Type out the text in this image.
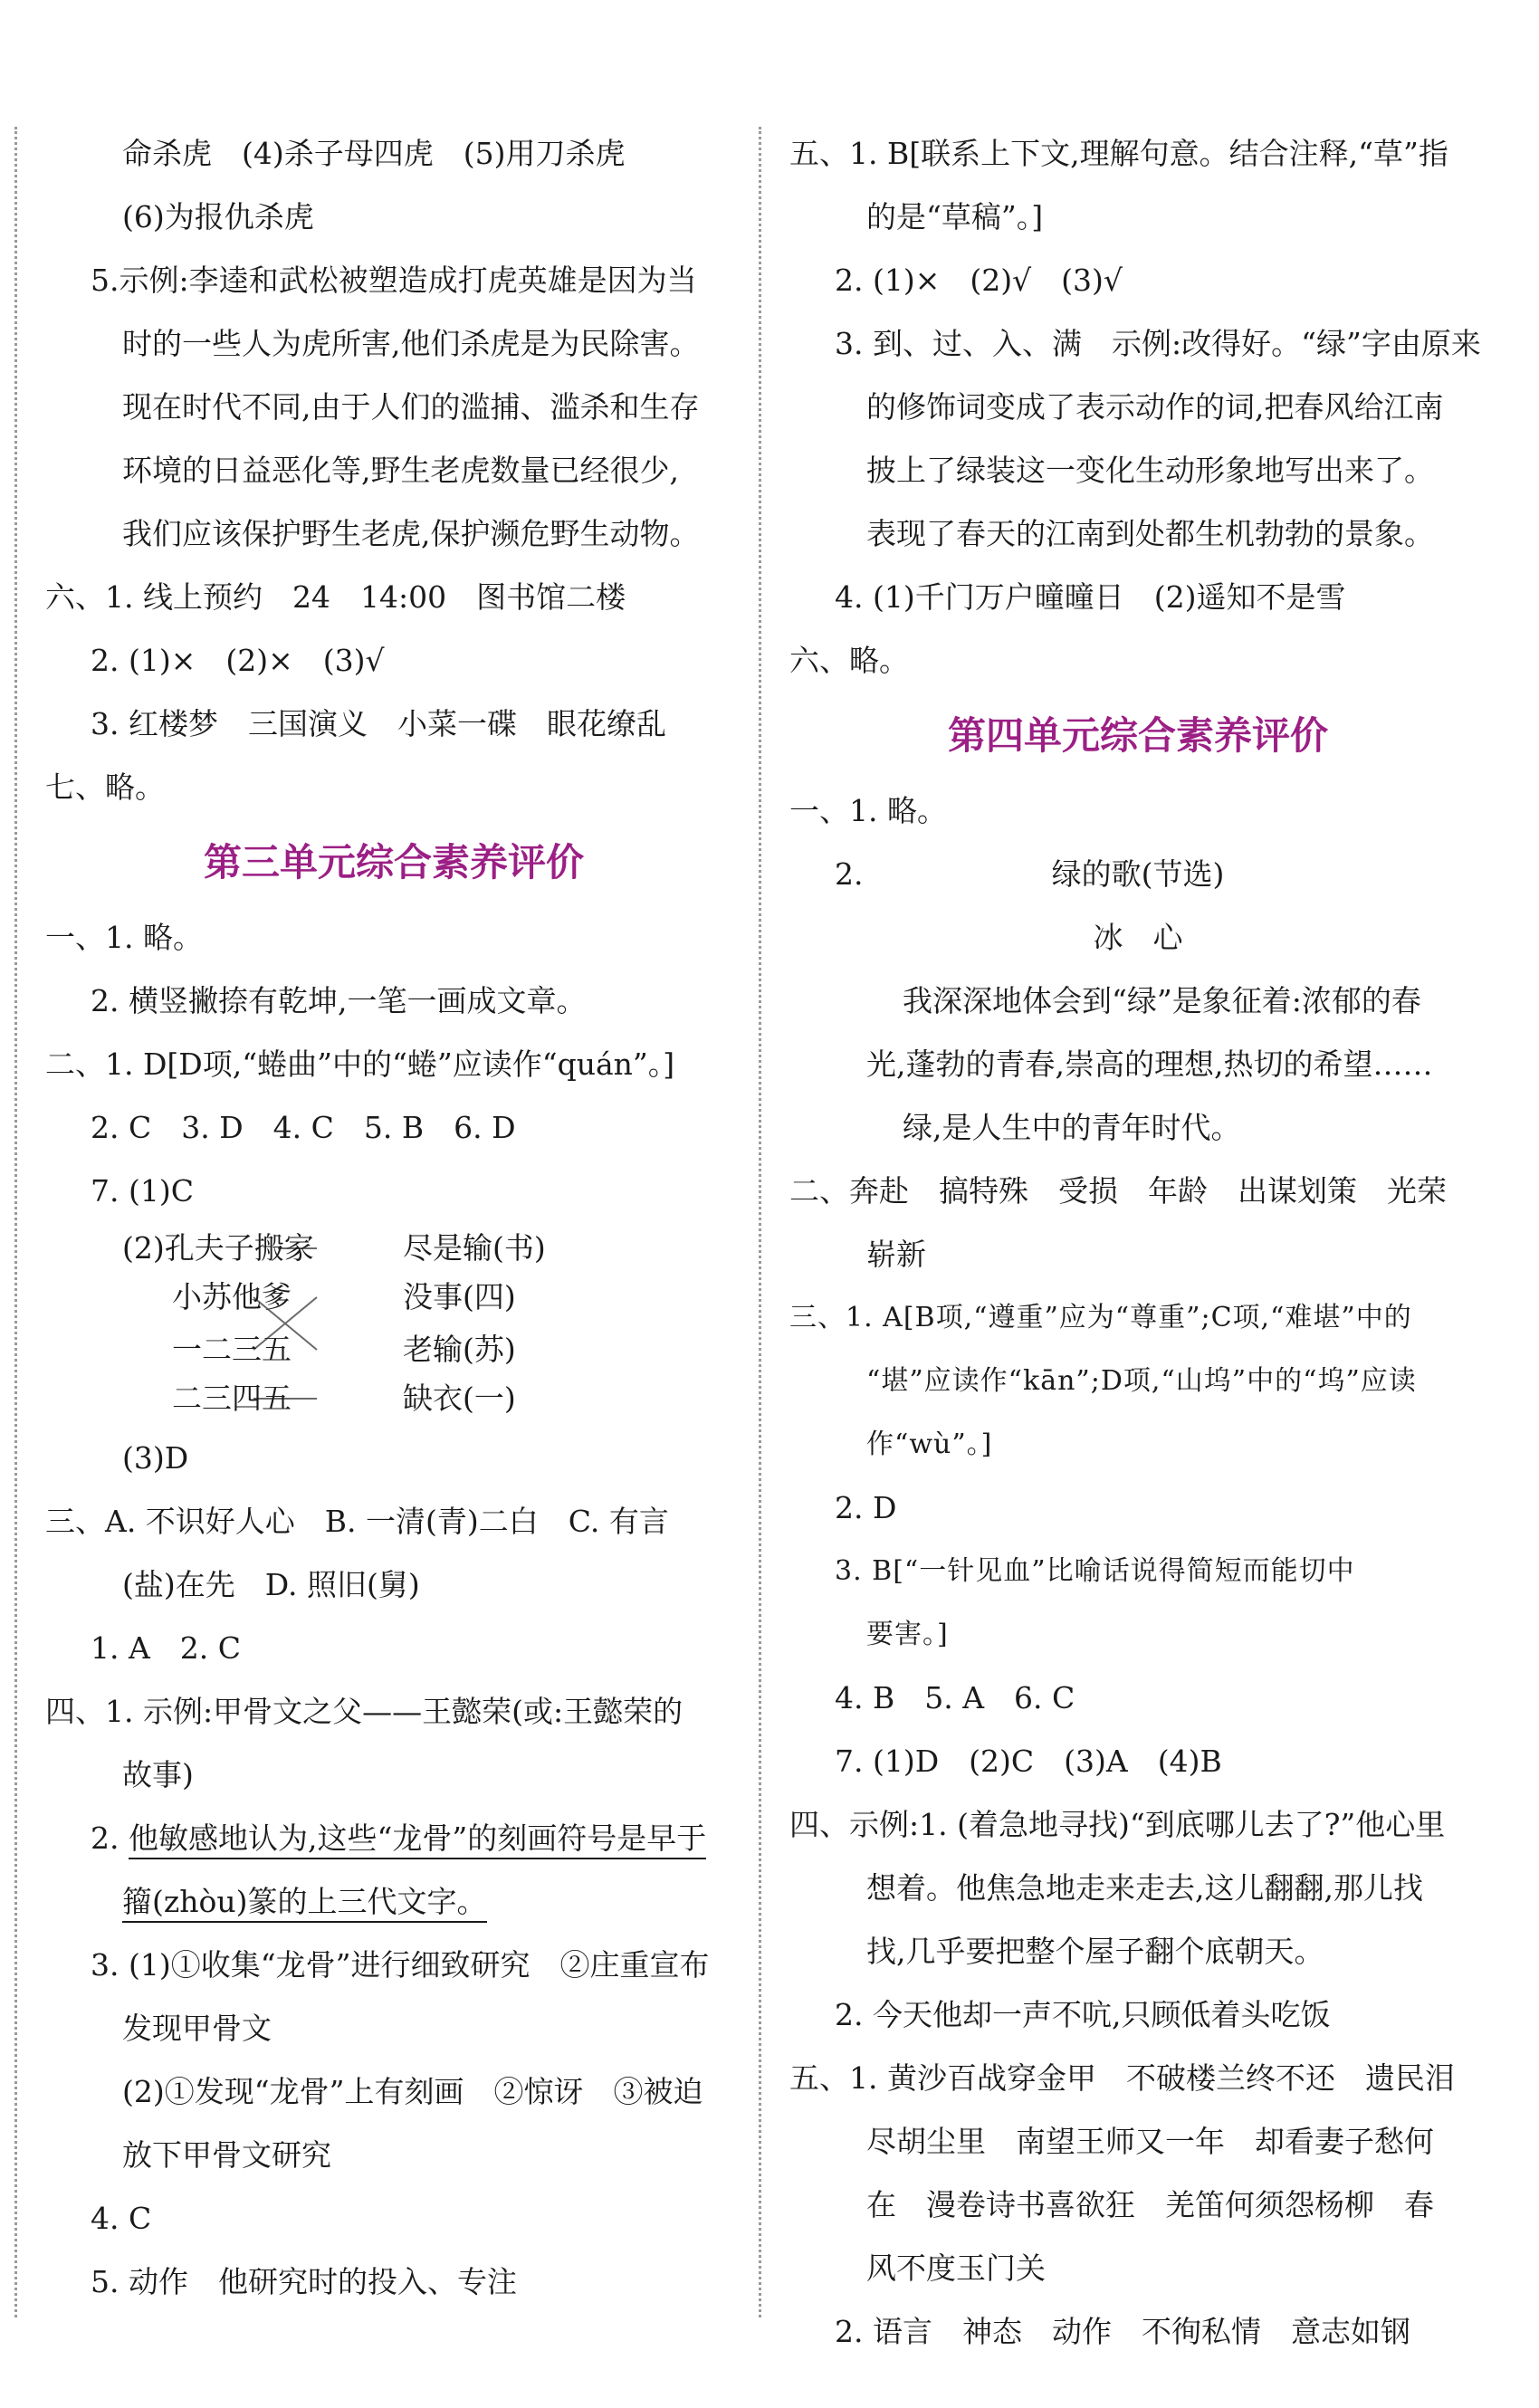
命杀虎　(4)杀子母四虎　(5)用刀杀虎
(6)为报仇杀虎
5.示例:李逵和武松被塑造成打虎英雄是因为当
时的一些人为虎所害,他们杀虎是为民除害。
现在时代不同,由于人们的滥捕、滥杀和生存
环境的日益恶化等,野生老虎数量已经很少,
我们应该保护野生老虎,保护濒危野生动物。
六、1. 线上预约　24　14:00　图书馆二楼
2. (1)×　(2)×　(3)√
3. 红楼梦　三国演义　小菜一碟　眼花缭乱
七、略。
第三单元综合素养评价
一、1. 略。
2. 横竖撇捺有乾坤,一笔一画成文章。
二、1. D[D项,“蜷曲”中的“蜷”应读作“quán”。]
2. C　3. D　4. C　5. B　6. D
7. (1)C
(2)孔夫子搬家
小苏他爹
一二三五
二三四五
尽是输(书)
没事(四)
老输(苏)
缺衣(一)
(3)D
三、A. 不识好人心　B. 一清(青)二白　C. 有言
(盐)在先　D. 照旧(舅)
1. A　2. C
四、1. 示例:甲骨文之父——王懿荣(或:王懿荣的
故事)
2. 他敏感地认为,这些“龙骨”的刻画符号是早于
籀(zhòu)篆的上三代文字。
3. (1)①收集“龙骨”进行细致研究　②庄重宣布
发现甲骨文
(2)①发现“龙骨”上有刻画　②惊讶　③被迫
放下甲骨文研究
4. C
5. 动作　他研究时的投入、专注
五、1. B[联系上下文,理解句意。结合注释,“草”指
的是“草稿”。]
2. (1)×　(2)√　(3)√
3. 到、过、入、满　示例:改得好。“绿”字由原来
的修饰词变成了表示动作的词,把春风给江南
披上了绿装这一变化生动形象地写出来了。
表现了春天的江南到处都生机勃勃的景象。
4. (1)千门万户曈曈日　(2)遥知不是雪
六、略。
第四单元综合素养评价
一、1. 略。
2.	绿的歌(节选)
冰　心
我深深地体会到“绿”是象征着:浓郁的春
光,蓬勃的青春,崇高的理想,热切的希望……
绿,是人生中的青年时代。
二、奔赴　搞特殊　受损　年龄　出谋划策　光荣
崭新
三、1. A[B项,“遵重”应为“尊重”;C项,“难堪”中的
“堪”应读作“kān”;D项,“山坞”中的“坞”应读
作“wù”。]
2. D
3. B[“一针见血”比喻话说得简短而能切中
要害。]
4. B　5. A　6. C
7. (1)D　(2)C　(3)A　(4)B
四、示例:1. (着急地寻找)“到底哪儿去了?”他心里
想着。他焦急地走来走去,这儿翻翻,那儿找
找,几乎要把整个屋子翻个底朝天。
2. 今天他却一声不吭,只顾低着头吃饭
五、1. 黄沙百战穿金甲　不破楼兰终不还　遗民泪
尽胡尘里　南望王师又一年　却看妻子愁何
在　漫卷诗书喜欲狂　羌笛何须怨杨柳　春
风不度玉门关
2. 语言　神态　动作　不徇私情　意志如钢
